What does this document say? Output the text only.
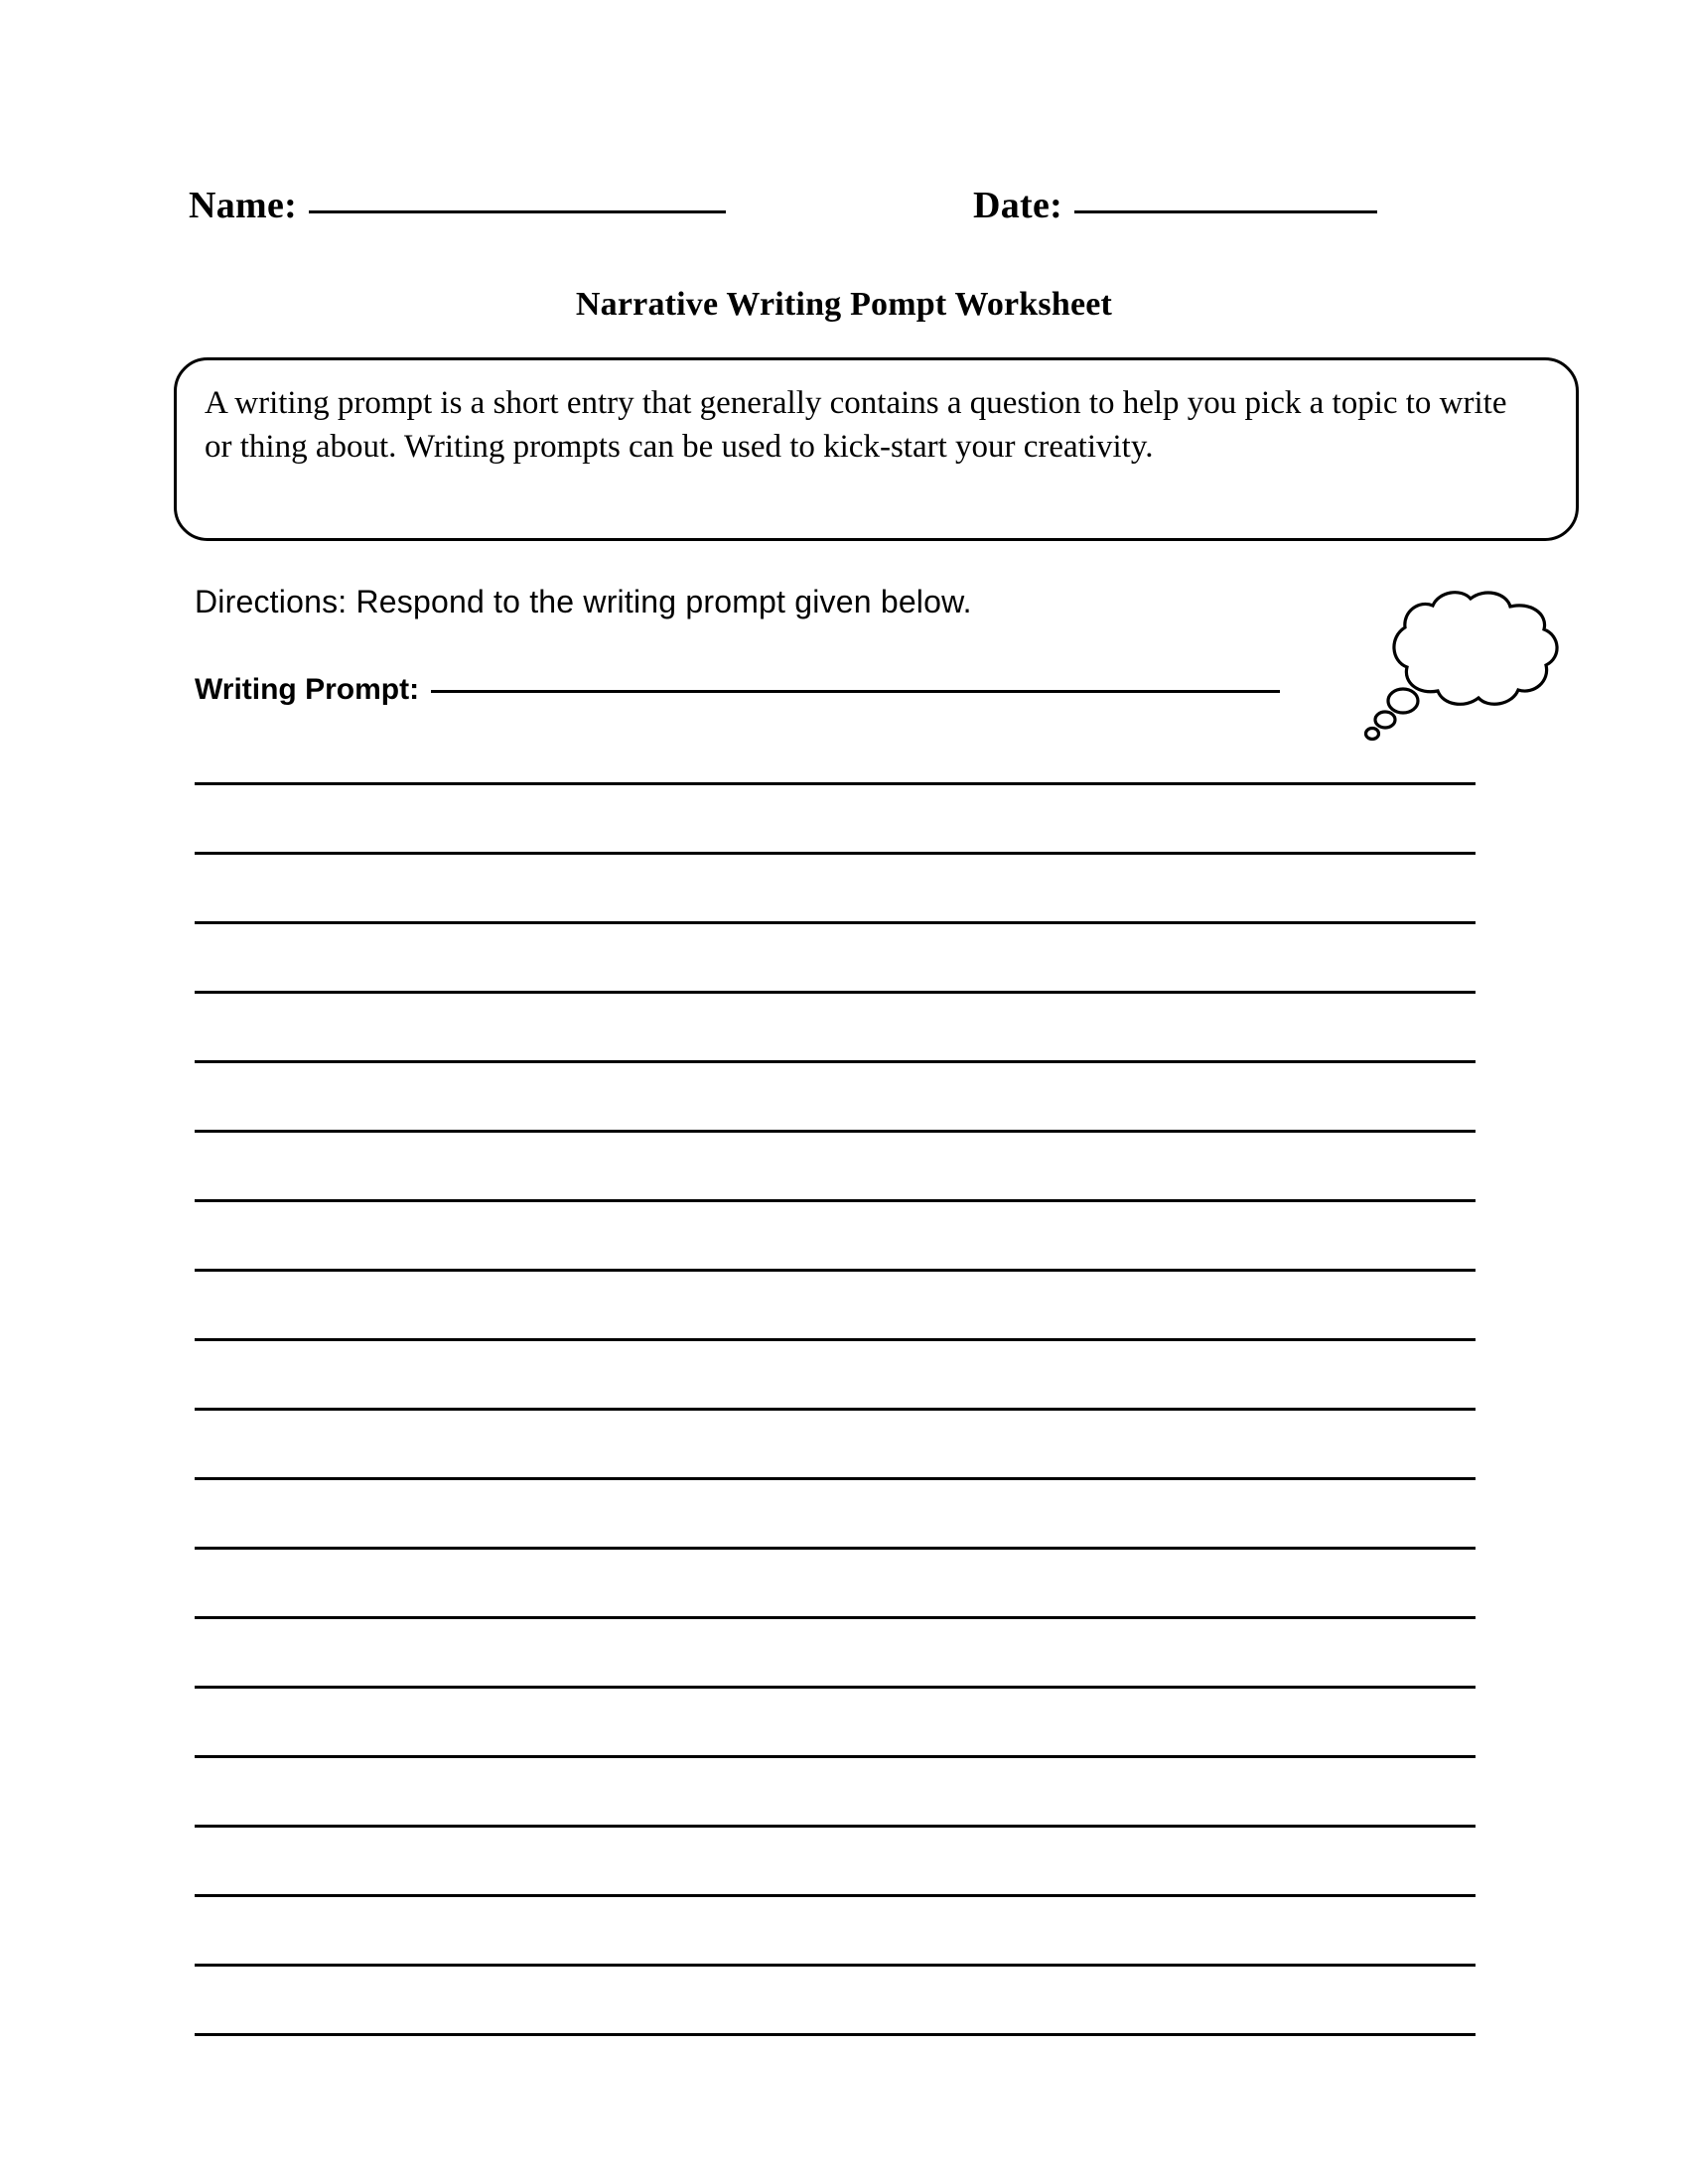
Name:	Date:
Narrative Writing Pompt Worksheet
A writing prompt is a short entry that generally contains a question to help you pick a topic to write or thing about. Writing prompts can be used to kick-start your creativity.
Directions: Respond to the writing prompt given below.
Writing Prompt:
